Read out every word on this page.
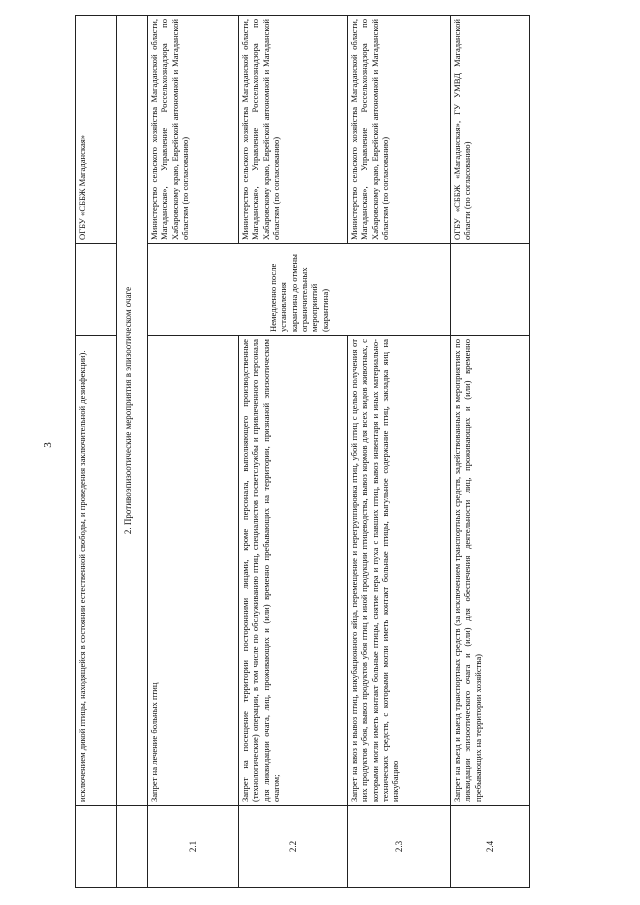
3
		исключением дикой птицы, находящейся в состоянии естественной свободы, и проведения заключительной дезинфекции).		ОГБУ «СББЖ Магаданская»
	2. Противоэпизоотические мероприятия в эпизоотическом очаге		
2.1	Запрет на лечение больных птиц	Немедленно после установления карантина до отмены ограничительных мероприятий (карантина)	Министерство сельского хозяйства Магаданской области, Магаданская», Управление Россельхознадзора по Хабаровскому краю, Еврейской автономной и Магаданской областям (по согласованию)
2.2	Запрет на посещение территории посторонними лицами, кроме персонала, выполняющего производственные (технологические) операции, в том числе по обслуживанию птиц, специалистов госветслужбы и привлеченного персонала для ликвидации очага, лиц, проживающих и (или) временно пребывающих на территории, признаной эпизоотическим очагом;		Министерство сельского хозяйства Магаданской области, Магаданская», Управление Россельхознадзора по Хабаровскому краю, Еврейской автономной и Магаданской областям (по согласованию)
2.3	Запрет на ввоз и вывоз птиц, инкубационного яйца, перемещение и перегруппировка птиц, убой птиц с целью получения от них продуктов убоя, вывоз продуктов убоя птиц и иной продукции птицеводства, вывоз кормов для всех видов животных, с которыми могли иметь контакт больные птицы, снятие пера и пуха с павших птиц, вывоз инвентаря и иных материально-технических средств, с которыми могли иметь контакт больные птицы, выгульное содержание птиц, закладка яиц на инкубацию		Министерство сельского хозяйства Магаданской области, Магаданская», Управление Россельхознадзора по Хабаровскому краю, Еврейской автономной и Магаданской областям (по согласованию)
2.4	Запрет на въезд и выезд транспортных средств (за исключением транспортных средств, задействованных в мероприятиях по ликвидации эпизоотического очага и (или) для обеспечения деятельности лиц, проживающих и (или) временно пребывающих на территории хозяйства)		ОГБУ «СББЖ «Магаданская», ГУ УМВД Магаданской области (по согласованию)
